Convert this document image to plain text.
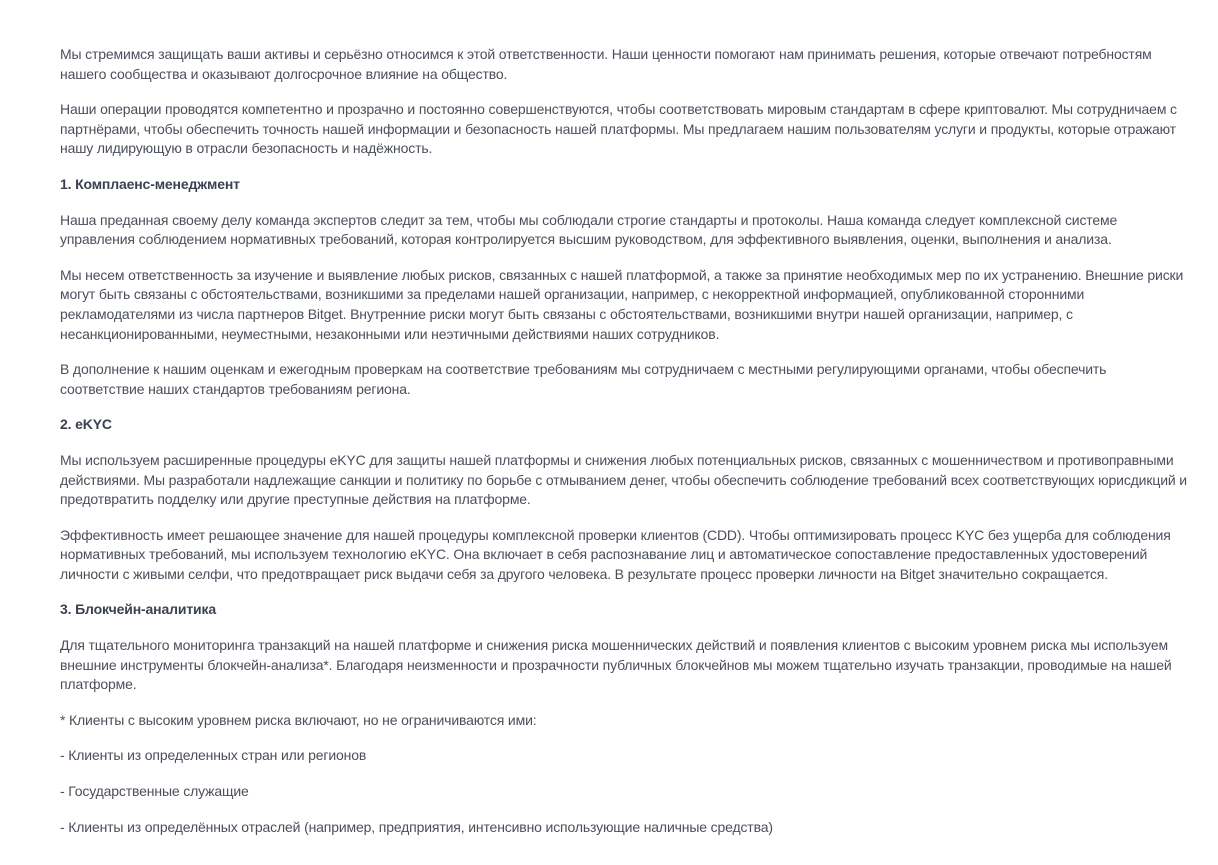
Мы стремимся защищать ваши активы и серьёзно относимся к этой ответственности. Наши ценности помогают нам принимать решения, которые отвечают потребностям нашего сообщества и оказывают долгосрочное влияние на общество.

Наши операции проводятся компетентно и прозрачно и постоянно совершенствуются, чтобы соответствовать мировым стандартам в сфере криптовалют. Мы сотрудничаем с партнёрами, чтобы обеспечить точность нашей информации и безопасность нашей платформы. Мы предлагаем нашим пользователям услуги и продукты, которые отражают нашу лидирующую в отрасли безопасность и надёжность.

1. Комплаенс-менеджмент

Наша преданная своему делу команда экспертов следит за тем, чтобы мы соблюдали строгие стандарты и протоколы. Наша команда следует комплексной системе управления соблюдением нормативных требований, которая контролируется высшим руководством, для эффективного выявления, оценки, выполнения и анализа.

Мы несем ответственность за изучение и выявление любых рисков, связанных с нашей платформой, а также за принятие необходимых мер по их устранению. Внешние риски могут быть связаны с обстоятельствами, возникшими за пределами нашей организации, например, с некорректной информацией, опубликованной сторонними рекламодателями из числа партнеров Bitget. Внутренние риски могут быть связаны с обстоятельствами, возникшими внутри нашей организации, например, с несанкционированными, неуместными, незаконными или неэтичными действиями наших сотрудников.

В дополнение к нашим оценкам и ежегодным проверкам на соответствие требованиям мы сотрудничаем с местными регулирующими органами, чтобы обеспечить соответствие наших стандартов требованиям региона.

2. eKYC

Мы используем расширенные процедуры eKYC для защиты нашей платформы и снижения любых потенциальных рисков, связанных с мошенничеством и противоправными действиями. Мы разработали надлежащие санкции и политику по борьбе с отмыванием денег, чтобы обеспечить соблюдение требований всех соответствующих юрисдикций и предотвратить подделку или другие преступные действия на платформе.

Эффективность имеет решающее значение для нашей процедуры комплексной проверки клиентов (CDD). Чтобы оптимизировать процесс KYC без ущерба для соблюдения нормативных требований, мы используем технологию eKYC. Она включает в себя распознавание лиц и автоматическое сопоставление предоставленных удостоверений личности с живыми селфи, что предотвращает риск выдачи себя за другого человека. В результате процесс проверки личности на Bitget значительно сокращается.

3. Блокчейн-аналитика

Для тщательного мониторинга транзакций на нашей платформе и снижения риска мошеннических действий и появления клиентов с высоким уровнем риска мы используем внешние инструменты блокчейн-анализа*. Благодаря неизменности и прозрачности публичных блокчейнов мы можем тщательно изучать транзакции, проводимые на нашей платформе.

* Клиенты с высоким уровнем риска включают, но не ограничиваются ими:

- Клиенты из определенных стран или регионов

- Государственные служащие

- Клиенты из определённых отраслей (например, предприятия, интенсивно использующие наличные средства)
